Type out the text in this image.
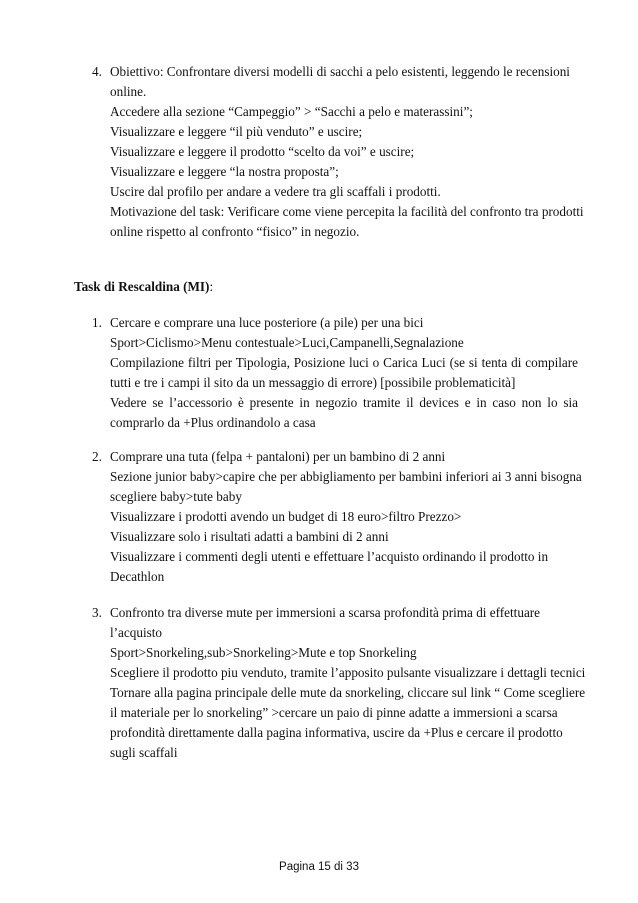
4. Obiettivo: Confrontare diversi modelli di sacchi a pelo esistenti, leggendo le recensioni
online.
Accedere alla sezione “Campeggio” > “Sacchi a pelo e materassini”;
Visualizzare e leggere “il più venduto” e uscire;
Visualizzare e leggere il prodotto “scelto da voi” e uscire;
Visualizzare e leggere “la nostra proposta”;
Uscire dal profilo per andare a vedere tra gli scaffali i prodotti.
Motivazione del task: Verificare come viene percepita la facilità del confronto tra prodotti
online rispetto al confronto “fisico” in negozio.
Task di Rescaldina (MI):
1. Cercare e comprare una luce posteriore (a pile) per una bici
Sport>Ciclismo>Menu contestuale>Luci,Campanelli,Segnalazione
Compilazione filtri per Tipologia, Posizione luci o Carica Luci (se si tenta di compilare
tutti e tre i campi il sito da un messaggio di errore) [possibile problematicità]
Vedere se l’accessorio è presente in negozio tramite il devices e in caso non lo sia
comprarlo da +Plus ordinandolo a casa
2. Comprare una tuta (felpa + pantaloni) per un bambino di 2 anni
Sezione junior baby>capire che per abbigliamento per bambini inferiori ai 3 anni bisogna
scegliere baby>tute baby
Visualizzare i prodotti avendo un budget di 18 euro>filtro Prezzo>
Visualizzare solo i risultati adatti a bambini di 2 anni
Visualizzare i commenti degli utenti e effettuare l’acquisto ordinando il prodotto in
Decathlon
3. Confronto tra diverse mute per immersioni a scarsa profondità prima di effettuare
l’acquisto
Sport>Snorkeling,sub>Snorkeling>Mute e top Snorkeling
Scegliere il prodotto piu venduto, tramite l’apposito pulsante visualizzare i dettagli tecnici
Tornare alla pagina principale delle mute da snorkeling, cliccare sul link “ Come scegliere
il materiale per lo snorkeling” >cercare un paio di pinne adatte a immersioni a scarsa
profondità direttamente dalla pagina informativa, uscire da +Plus e cercare il prodotto
sugli scaffali
Pagina 15 di 33
